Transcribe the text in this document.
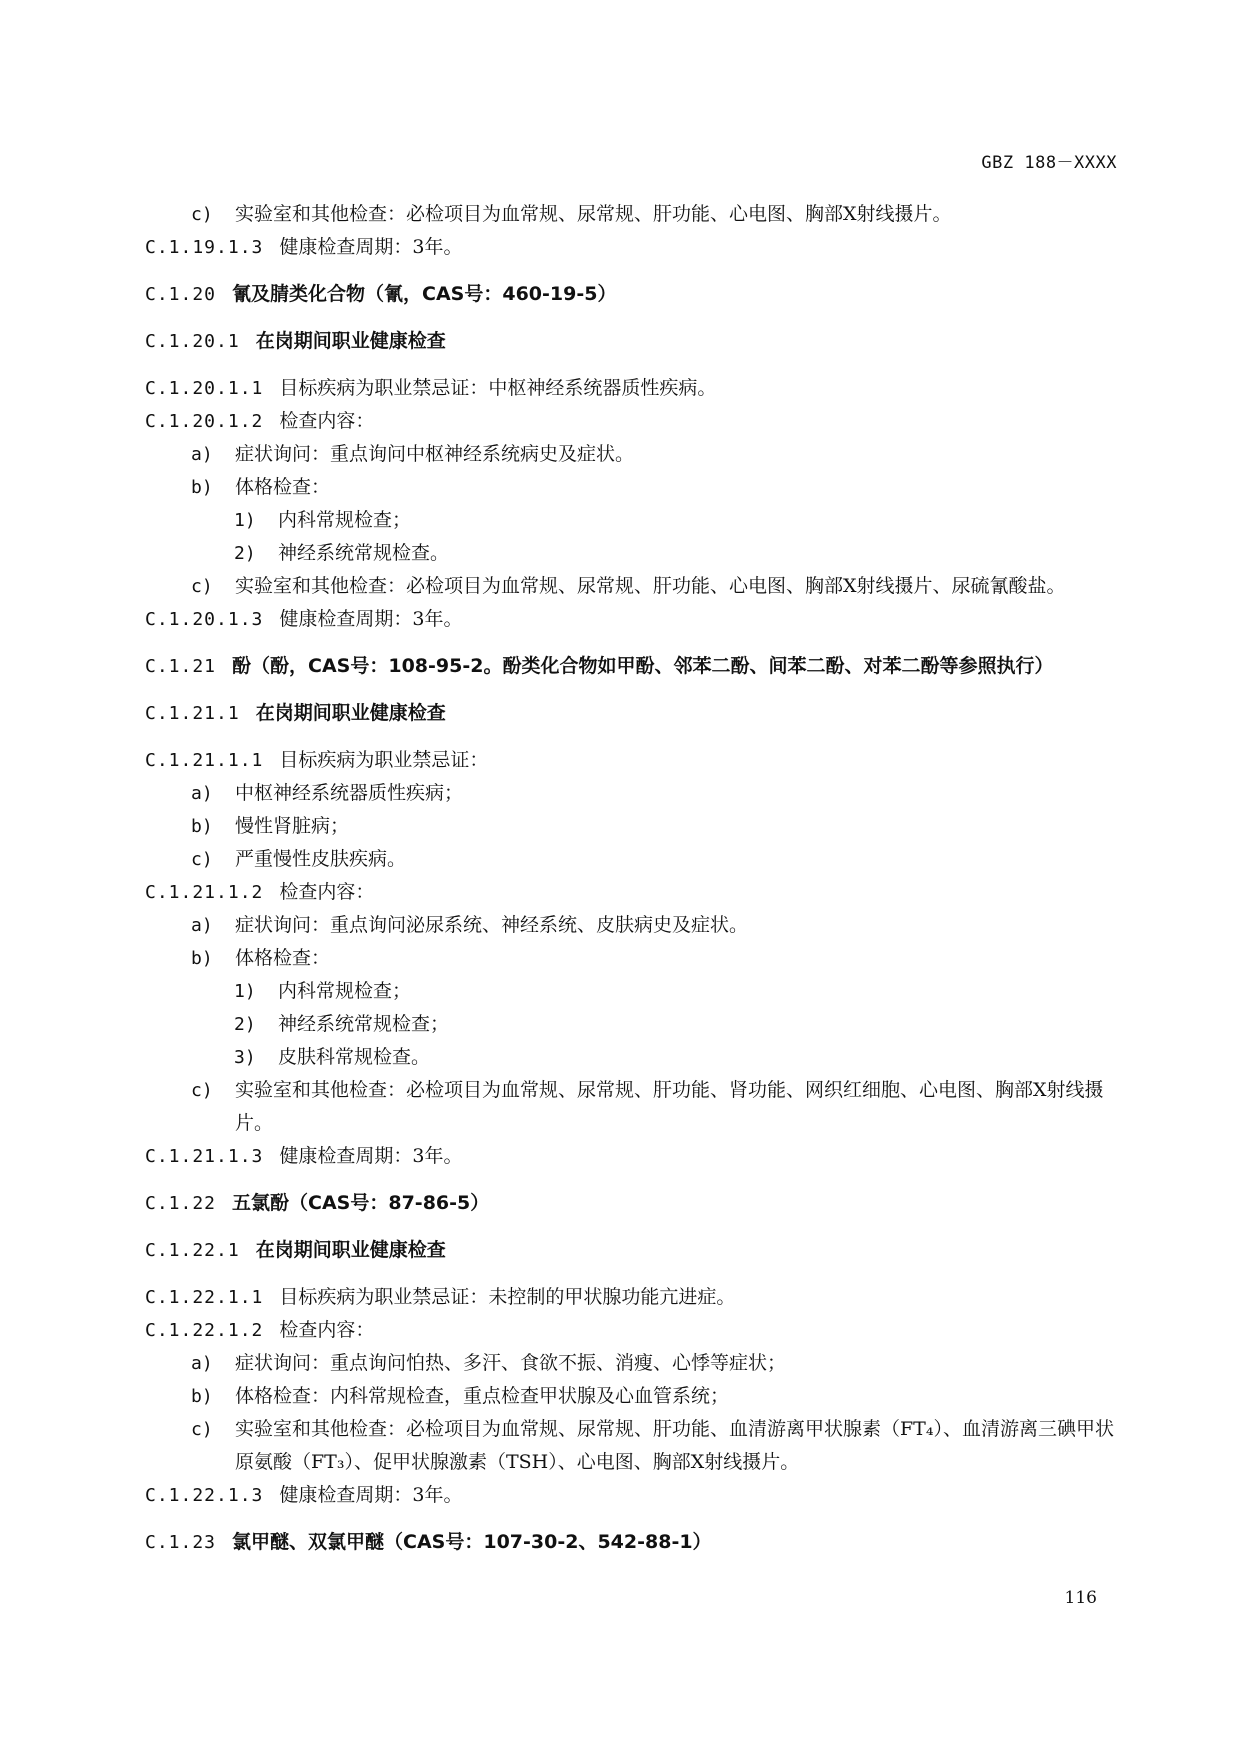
GBZ 188－XXXX
c) 实验室和其他检查：必检项目为血常规、尿常规、肝功能、心电图、胸部X射线摄片。
C.1.19.1.3 健康检查周期：3年。
C.1.20 氰及腈类化合物（氰，CAS号：460-19-5）
C.1.20.1 在岗期间职业健康检查
C.1.20.1.1 目标疾病为职业禁忌证：中枢神经系统器质性疾病。
C.1.20.1.2 检查内容：
a) 症状询问：重点询问中枢神经系统病史及症状。
b) 体格检查：
1) 内科常规检查；
2) 神经系统常规检查。
c) 实验室和其他检查：必检项目为血常规、尿常规、肝功能、心电图、胸部X射线摄片、尿硫氰酸盐。
C.1.20.1.3 健康检查周期：3年。
C.1.21 酚（酚，CAS号：108-95-2。酚类化合物如甲酚、邻苯二酚、间苯二酚、对苯二酚等参照执行）
C.1.21.1 在岗期间职业健康检查
C.1.21.1.1 目标疾病为职业禁忌证：
a) 中枢神经系统器质性疾病；
b) 慢性肾脏病；
c) 严重慢性皮肤疾病。
C.1.21.1.2 检查内容：
a) 症状询问：重点询问泌尿系统、神经系统、皮肤病史及症状。
b) 体格检查：
1) 内科常规检查；
2) 神经系统常规检查；
3) 皮肤科常规检查。
c) 实验室和其他检查：必检项目为血常规、尿常规、肝功能、肾功能、网织红细胞、心电图、胸部X射线摄片。
C.1.21.1.3 健康检查周期：3年。
C.1.22 五氯酚（CAS号：87-86-5）
C.1.22.1 在岗期间职业健康检查
C.1.22.1.1 目标疾病为职业禁忌证：未控制的甲状腺功能亢进症。
C.1.22.1.2 检查内容：
a) 症状询问：重点询问怕热、多汗、食欲不振、消瘦、心悸等症状；
b) 体格检查：内科常规检查，重点检查甲状腺及心血管系统；
c) 实验室和其他检查：必检项目为血常规、尿常规、肝功能、血清游离甲状腺素（FT₄）、血清游离三碘甲状原氨酸（FT₃）、促甲状腺激素（TSH）、心电图、胸部X射线摄片。
C.1.22.1.3 健康检查周期：3年。
C.1.23 氯甲醚、双氯甲醚（CAS号：107-30-2、542-88-1）
116
